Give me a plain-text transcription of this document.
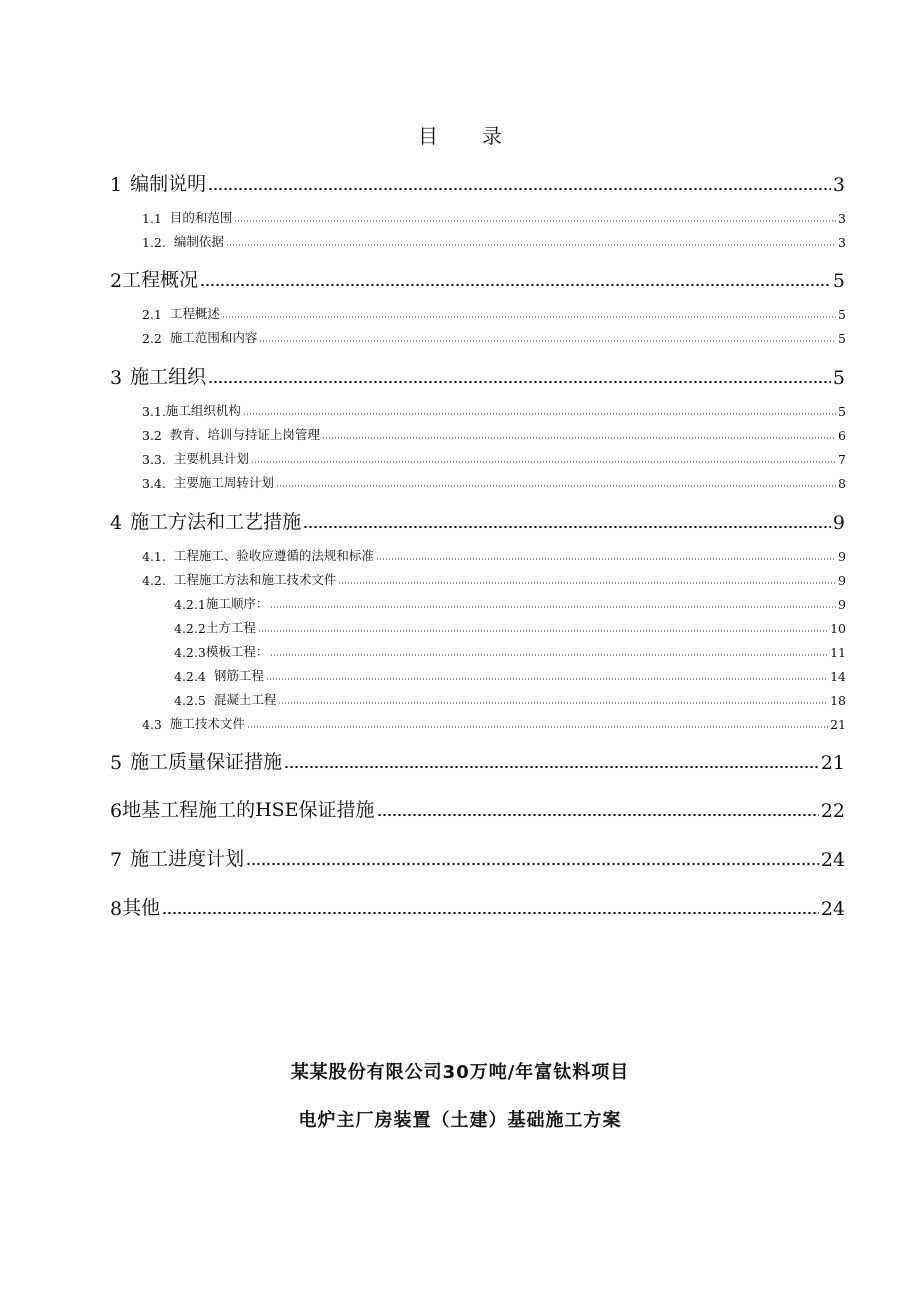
目录
1 编制说明	3
1.1 目的和范围	3
1.2. 编制依据	3
2 工程概况	5
2.1 工程概述	5
2.2 施工范围和内容	5
3 施工组织	5
3.1. 施工组织机构	5
3.2 教育、培训与持证上岗管理	6
3.3. 主要机具计划	7
3.4. 主要施工周转计划	8
4 施工方法和工艺措施	9
4.1. 工程施工、验收应遵循的法规和标准	9
4.2. 工程施工方法和施工技术文件	9
4.2.1 施工顺序：	9
4.2.2 土方工程	10
4.2.3 模板工程：	11
4.2.4 钢筋工程	14
4.2.5 混凝土工程	18
4.3 施工技术文件	21
5 施工质量保证措施	21
6 地基工程施工的HSE保证措施	22
7 施工进度计划	24
8 其他	24
某某股份有限公司30万吨/年富钛料项目
电炉主厂房装置（土建）基础施工方案
